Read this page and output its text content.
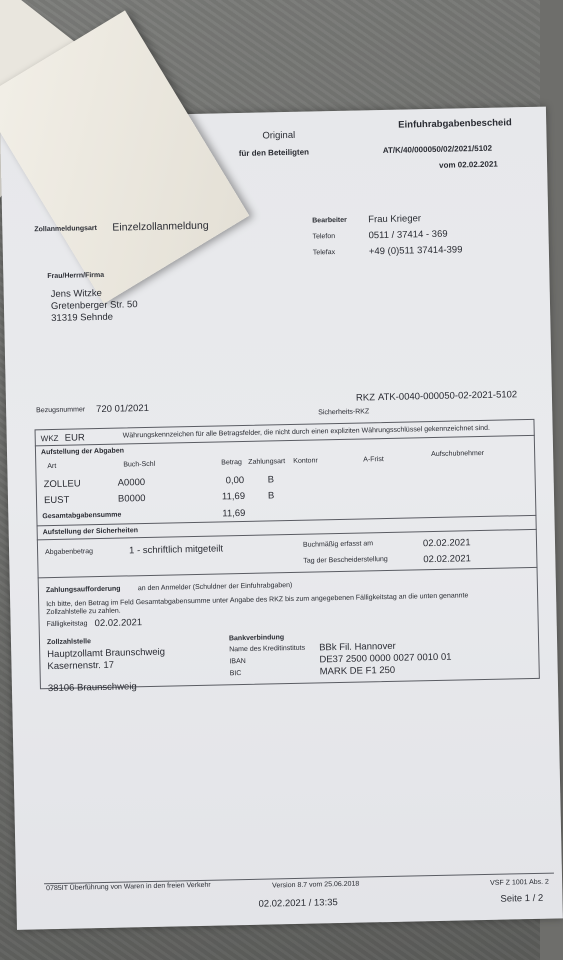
Original
für den Beteiligten
Einfuhrabgabenbescheid
AT/K/40/000050/02/2021/5102
vom 02.02.2021
Zollanmeldungsart Einzelzollanmeldung	Bearbeiter Frau Krieger
Telefon	0511 / 37414 - 369
Telefax	+49 (0)511 37414-399
Frau/Herrn/Firma
Jens Witzke
Gretenberger Str. 50
31319 Sehnde
Bezugsnummer 720 01/2021
RKZ ATK-0040-000050-02-2021-5102
Sicherheits-RKZ
WKZ EUR	Währungskennzeichen für alle Betragsfelder, die nicht durch einen expliziten Währungsschlüssel gekennzeichnet sind.
Aufstellung der Abgaben
Art	Buch-Schl	Betrag Zahlungsart Kontonr	A-Frist
Aufschubnehmer
ZOLLEU	A0000	0,00 B
EUST	B0000	11,69 B
Gesamtabgabensumme	11,69
Aufstellung der Sicherheiten
Abgabenbetrag	1 - schriftlich mitgeteilt	Buchmäßig erfasst am	02.02.2021
Tag der Bescheiderstellung	02.02.2021
Zahlungsaufforderung an den Anmelder (Schuldner der Einfuhrabgaben)
Ich bitte, den Betrag im Feld Gesamtabgabensumme unter Angabe des RKZ bis zum angegebenen Fälligkeitstag an die unten genannte
Zollzahlstelle zu zahlen.
Fälligkeitstag 02.02.2021
Zollzahlstelle
Hauptzollamt Braunschweig
Kasernenstr. 17
38106 Braunschweig
Bankverbindung
Name des Kreditinstituts BBk Fil. Hannover
IBAN	DE37 2500 0000 0027 0010 01
BIC	MARK DE F1 250
0785IT Überführung von Waren in den freien Verkehr	Version 8.7 vom 25.06.2018	VSF Z 1001 Abs. 2
02.02.2021 / 13:35	Seite 1 / 2
